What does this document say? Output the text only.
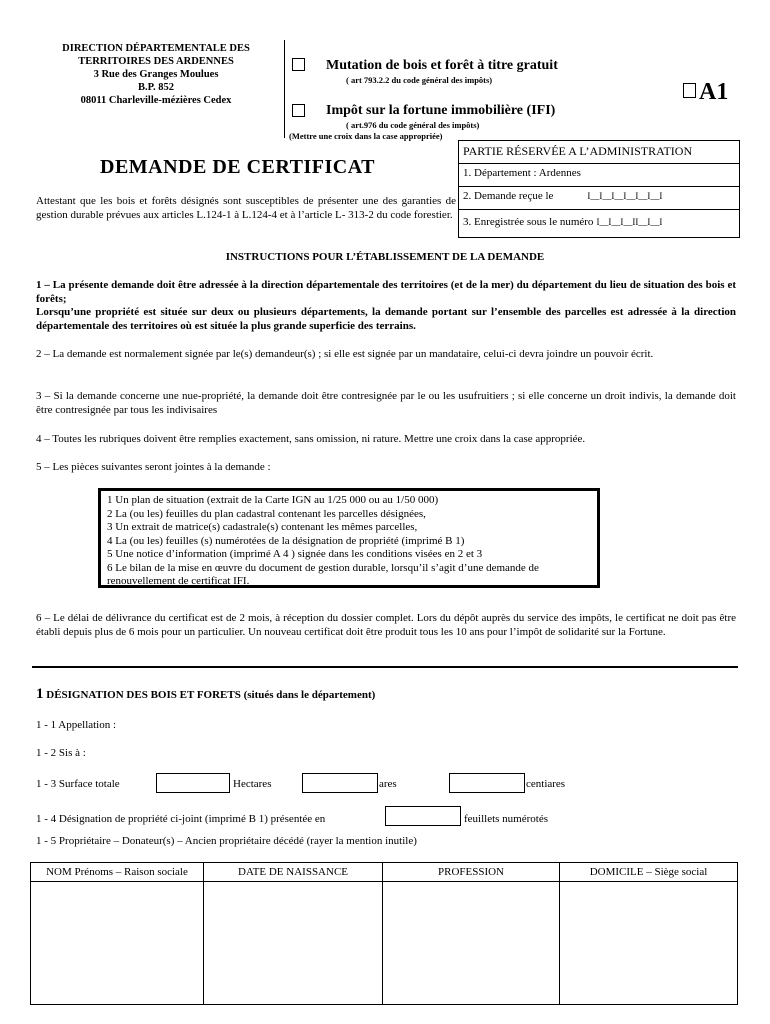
DIRECTION DÉPARTEMENTALE DES
TERRITOIRES DES ARDENNES
3 Rue des Granges Moulues
B.P. 852
08011 Charleville-mézières Cedex
Mutation de bois et forêt à titre gratuit
( art 793.2.2 du code général des impôts)
Impôt sur la fortune immobilière (IFI)
( art.976 du code général des impôts)
(Mettre une croix dans la case appropriée)
A1
PARTIE RÉSERVÉE A L’ADMINISTRATION
1. Département : Ardennes
2. Demande reçue le	I__I__I__I__I__I__I
3. Enregistrée sous le numéro I__I__I__II__I__I
DEMANDE DE CERTIFICAT
Attestant que les bois et forêts désignés sont susceptibles de présenter une des garanties de gestion durable prévues aux articles L.124-1 à L.124-4 et à l’article L- 313-2 du code forestier.
INSTRUCTIONS POUR L’ÉTABLISSEMENT DE LA DEMANDE
1 – La présente demande doit être adressée à la direction départementale des territoires (et de la mer) du département du lieu de situation des bois et forêts;
Lorsqu’une propriété est située sur deux ou plusieurs départements, la demande portant sur l’ensemble des parcelles est adressée à la direction départementale des territoires où est située la plus grande superficie des terrains.
2 – La demande est normalement signée par le(s) demandeur(s) ; si elle est signée par un mandataire, celui-ci devra joindre un pouvoir écrit.
3 – Si la demande concerne une nue-propriété, la demande doit être contresignée par le ou les usufruitiers ; si elle concerne un droit indivis, la demande doit être contresignée par tous les indivisaires
4 – Toutes les rubriques doivent être remplies exactement, sans omission, ni rature. Mettre une croix dans la case appropriée.
5 – Les pièces suivantes seront jointes à la demande :
1 Un plan de situation (extrait de la Carte IGN au 1/25 000 ou au 1/50 000)
2 La (ou les) feuilles du plan cadastral contenant les parcelles désignées,
3 Un extrait de matrice(s) cadastrale(s) contenant les mêmes parcelles,
4 La (ou les) feuilles (s) numérotées de la désignation de propriété (imprimé B 1)
5 Une notice d’information (imprimé A 4 ) signée dans les conditions visées en 2 et 3
6 Le bilan de la mise en œuvre du document de gestion durable, lorsqu’il s’agit d’une demande de renouvellement de certificat IFI.
6 – Le délai de délivrance du certificat est de 2 mois, à réception du dossier complet. Lors du dépôt auprès du service des impôts, le certificat ne doit pas être établi depuis plus de 6 mois pour un particulier. Un nouveau certificat doit être produit tous les 10 ans pour l’impôt de solidarité sur la Fortune.
1 DÉSIGNATION DES BOIS ET FORETS (situés dans le département)
1 - 1 Appellation :
1 - 2 Sis à :
1 - 3 Surface totale	Hectares	ares	centiares
1 - 4 Désignation de propriété ci-joint (imprimé B 1) présentée en	feuillets numérotés
1 - 5 Propriétaire – Donateur(s) – Ancien propriétaire décédé (rayer la mention inutile)
NOM Prénoms – Raison sociale	DATE DE NAISSANCE	PROFESSION	DOMICILE – Siège social
